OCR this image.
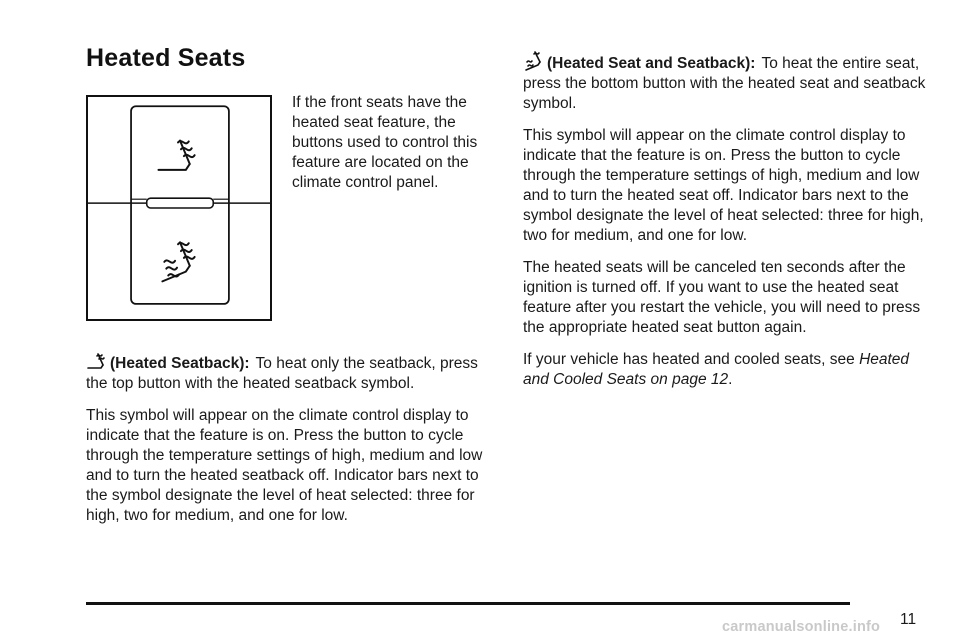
Heated Seats
If the front seats have the heated seat feature, the buttons used to control this feature are located on the climate control panel.

(Heated Seatback): To heat only the seatback, press the top button with the heated seatback symbol.

This symbol will appear on the climate control display to indicate that the feature is on. Press the button to cycle through the temperature settings of high, medium and low and to turn the heated seatback off. Indicator bars next to the symbol designate the level of heat selected: three for high, two for medium, and one for low.

(Heated Seat and Seatback): To heat the entire seat, press the bottom button with the heated seat and seatback symbol.

This symbol will appear on the climate control display to indicate that the feature is on. Press the button to cycle through the temperature settings of high, medium and low and to turn the heated seat off. Indicator bars next to the symbol designate the level of heat selected: three for high, two for medium, and one for low.

The heated seats will be canceled ten seconds after the ignition is turned off. If you want to use the heated seat feature after you restart the vehicle, you will need to press the appropriate heated seat button again.

If your vehicle has heated and cooled seats, see Heated and Cooled Seats on page 12.

11
carmanualsonline.info
